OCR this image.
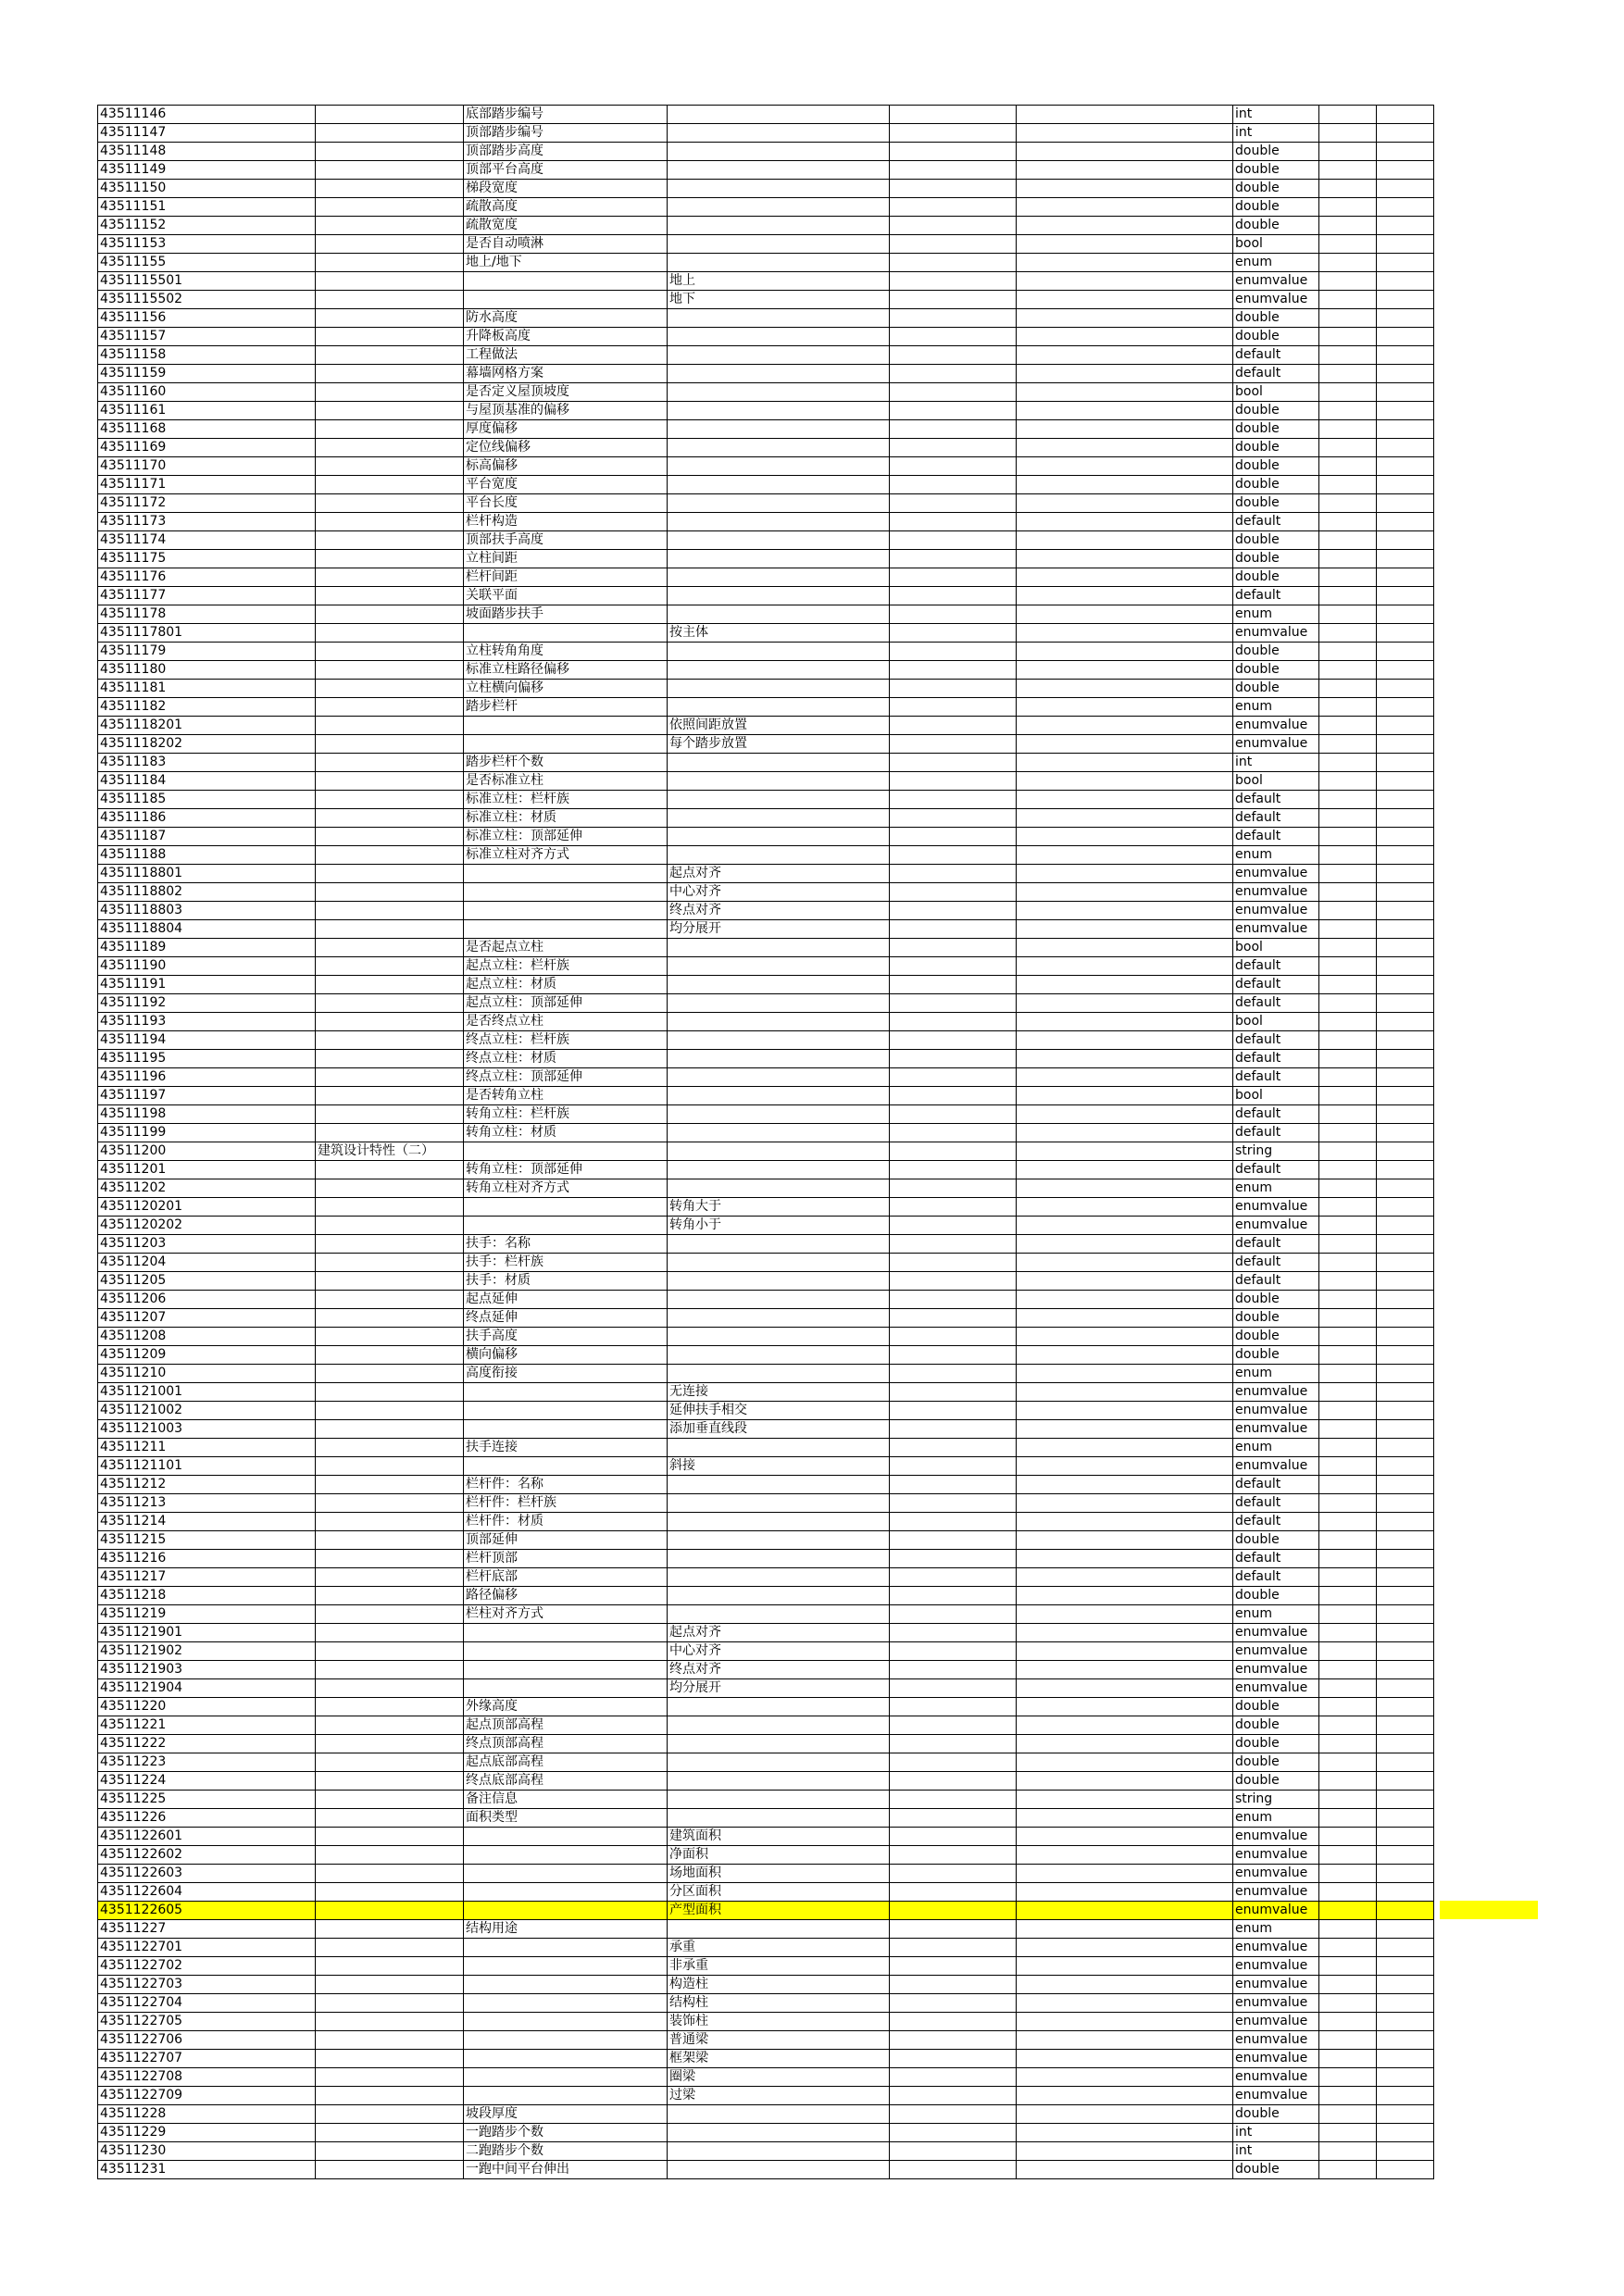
43511146		底部踏步编号				int		
43511147		顶部踏步编号				int		
43511148		顶部踏步高度				double		
43511149		顶部平台高度				double		
43511150		梯段宽度				double		
43511151		疏散高度				double		
43511152		疏散宽度				double		
43511153		是否自动喷淋				bool		
43511155		地上/地下				enum		
4351115501			地上			enumvalue		
4351115502			地下			enumvalue		
43511156		防水高度				double		
43511157		升降板高度				double		
43511158		工程做法				default		
43511159		幕墙网格方案				default		
43511160		是否定义屋顶坡度				bool		
43511161		与屋顶基准的偏移				double		
43511168		厚度偏移				double		
43511169		定位线偏移				double		
43511170		标高偏移				double		
43511171		平台宽度				double		
43511172		平台长度				double		
43511173		栏杆构造				default		
43511174		顶部扶手高度				double		
43511175		立柱间距				double		
43511176		栏杆间距				double		
43511177		关联平面				default		
43511178		坡面踏步扶手				enum		
4351117801			按主体			enumvalue		
43511179		立柱转角角度				double		
43511180		标准立柱路径偏移				double		
43511181		立柱横向偏移				double		
43511182		踏步栏杆				enum		
4351118201			依照间距放置			enumvalue		
4351118202			每个踏步放置			enumvalue		
43511183		踏步栏杆个数				int		
43511184		是否标准立柱				bool		
43511185		标准立柱：栏杆族				default		
43511186		标准立柱：材质				default		
43511187		标准立柱：顶部延伸				default		
43511188		标准立柱对齐方式				enum		
4351118801			起点对齐			enumvalue		
4351118802			中心对齐			enumvalue		
4351118803			终点对齐			enumvalue		
4351118804			均分展开			enumvalue		
43511189		是否起点立柱				bool		
43511190		起点立柱：栏杆族				default		
43511191		起点立柱：材质				default		
43511192		起点立柱：顶部延伸				default		
43511193		是否终点立柱				bool		
43511194		终点立柱：栏杆族				default		
43511195		终点立柱：材质				default		
43511196		终点立柱：顶部延伸				default		
43511197		是否转角立柱				bool		
43511198		转角立柱：栏杆族				default		
43511199		转角立柱：材质				default		
43511200	建筑设计特性（二）					string		
43511201		转角立柱：顶部延伸				default		
43511202		转角立柱对齐方式				enum		
4351120201			转角大于			enumvalue		
4351120202			转角小于			enumvalue		
43511203		扶手：名称				default		
43511204		扶手：栏杆族				default		
43511205		扶手：材质				default		
43511206		起点延伸				double		
43511207		终点延伸				double		
43511208		扶手高度				double		
43511209		横向偏移				double		
43511210		高度衔接				enum		
4351121001			无连接			enumvalue		
4351121002			延伸扶手相交			enumvalue		
4351121003			添加垂直线段			enumvalue		
43511211		扶手连接				enum		
4351121101			斜接			enumvalue		
43511212		栏杆件：名称				default		
43511213		栏杆件：栏杆族				default		
43511214		栏杆件：材质				default		
43511215		顶部延伸				double		
43511216		栏杆顶部				default		
43511217		栏杆底部				default		
43511218		路径偏移				double		
43511219		栏柱对齐方式				enum		
4351121901			起点对齐			enumvalue		
4351121902			中心对齐			enumvalue		
4351121903			终点对齐			enumvalue		
4351121904			均分展开			enumvalue		
43511220		外缘高度				double		
43511221		起点顶部高程				double		
43511222		终点顶部高程				double		
43511223		起点底部高程				double		
43511224		终点底部高程				double		
43511225		备注信息				string		
43511226		面积类型				enum		
4351122601			建筑面积			enumvalue		
4351122602			净面积			enumvalue		
4351122603			场地面积			enumvalue		
4351122604			分区面积			enumvalue		
4351122605			产型面积			enumvalue		
43511227		结构用途				enum		
4351122701			承重			enumvalue		
4351122702			非承重			enumvalue		
4351122703			构造柱			enumvalue		
4351122704			结构柱			enumvalue		
4351122705			装饰柱			enumvalue		
4351122706			普通梁			enumvalue		
4351122707			框架梁			enumvalue		
4351122708			圈梁			enumvalue		
4351122709			过梁			enumvalue		
43511228		坡段厚度				double		
43511229		一跑踏步个数				int		
43511230		二跑踏步个数				int		
43511231		一跑中间平台伸出				double		
